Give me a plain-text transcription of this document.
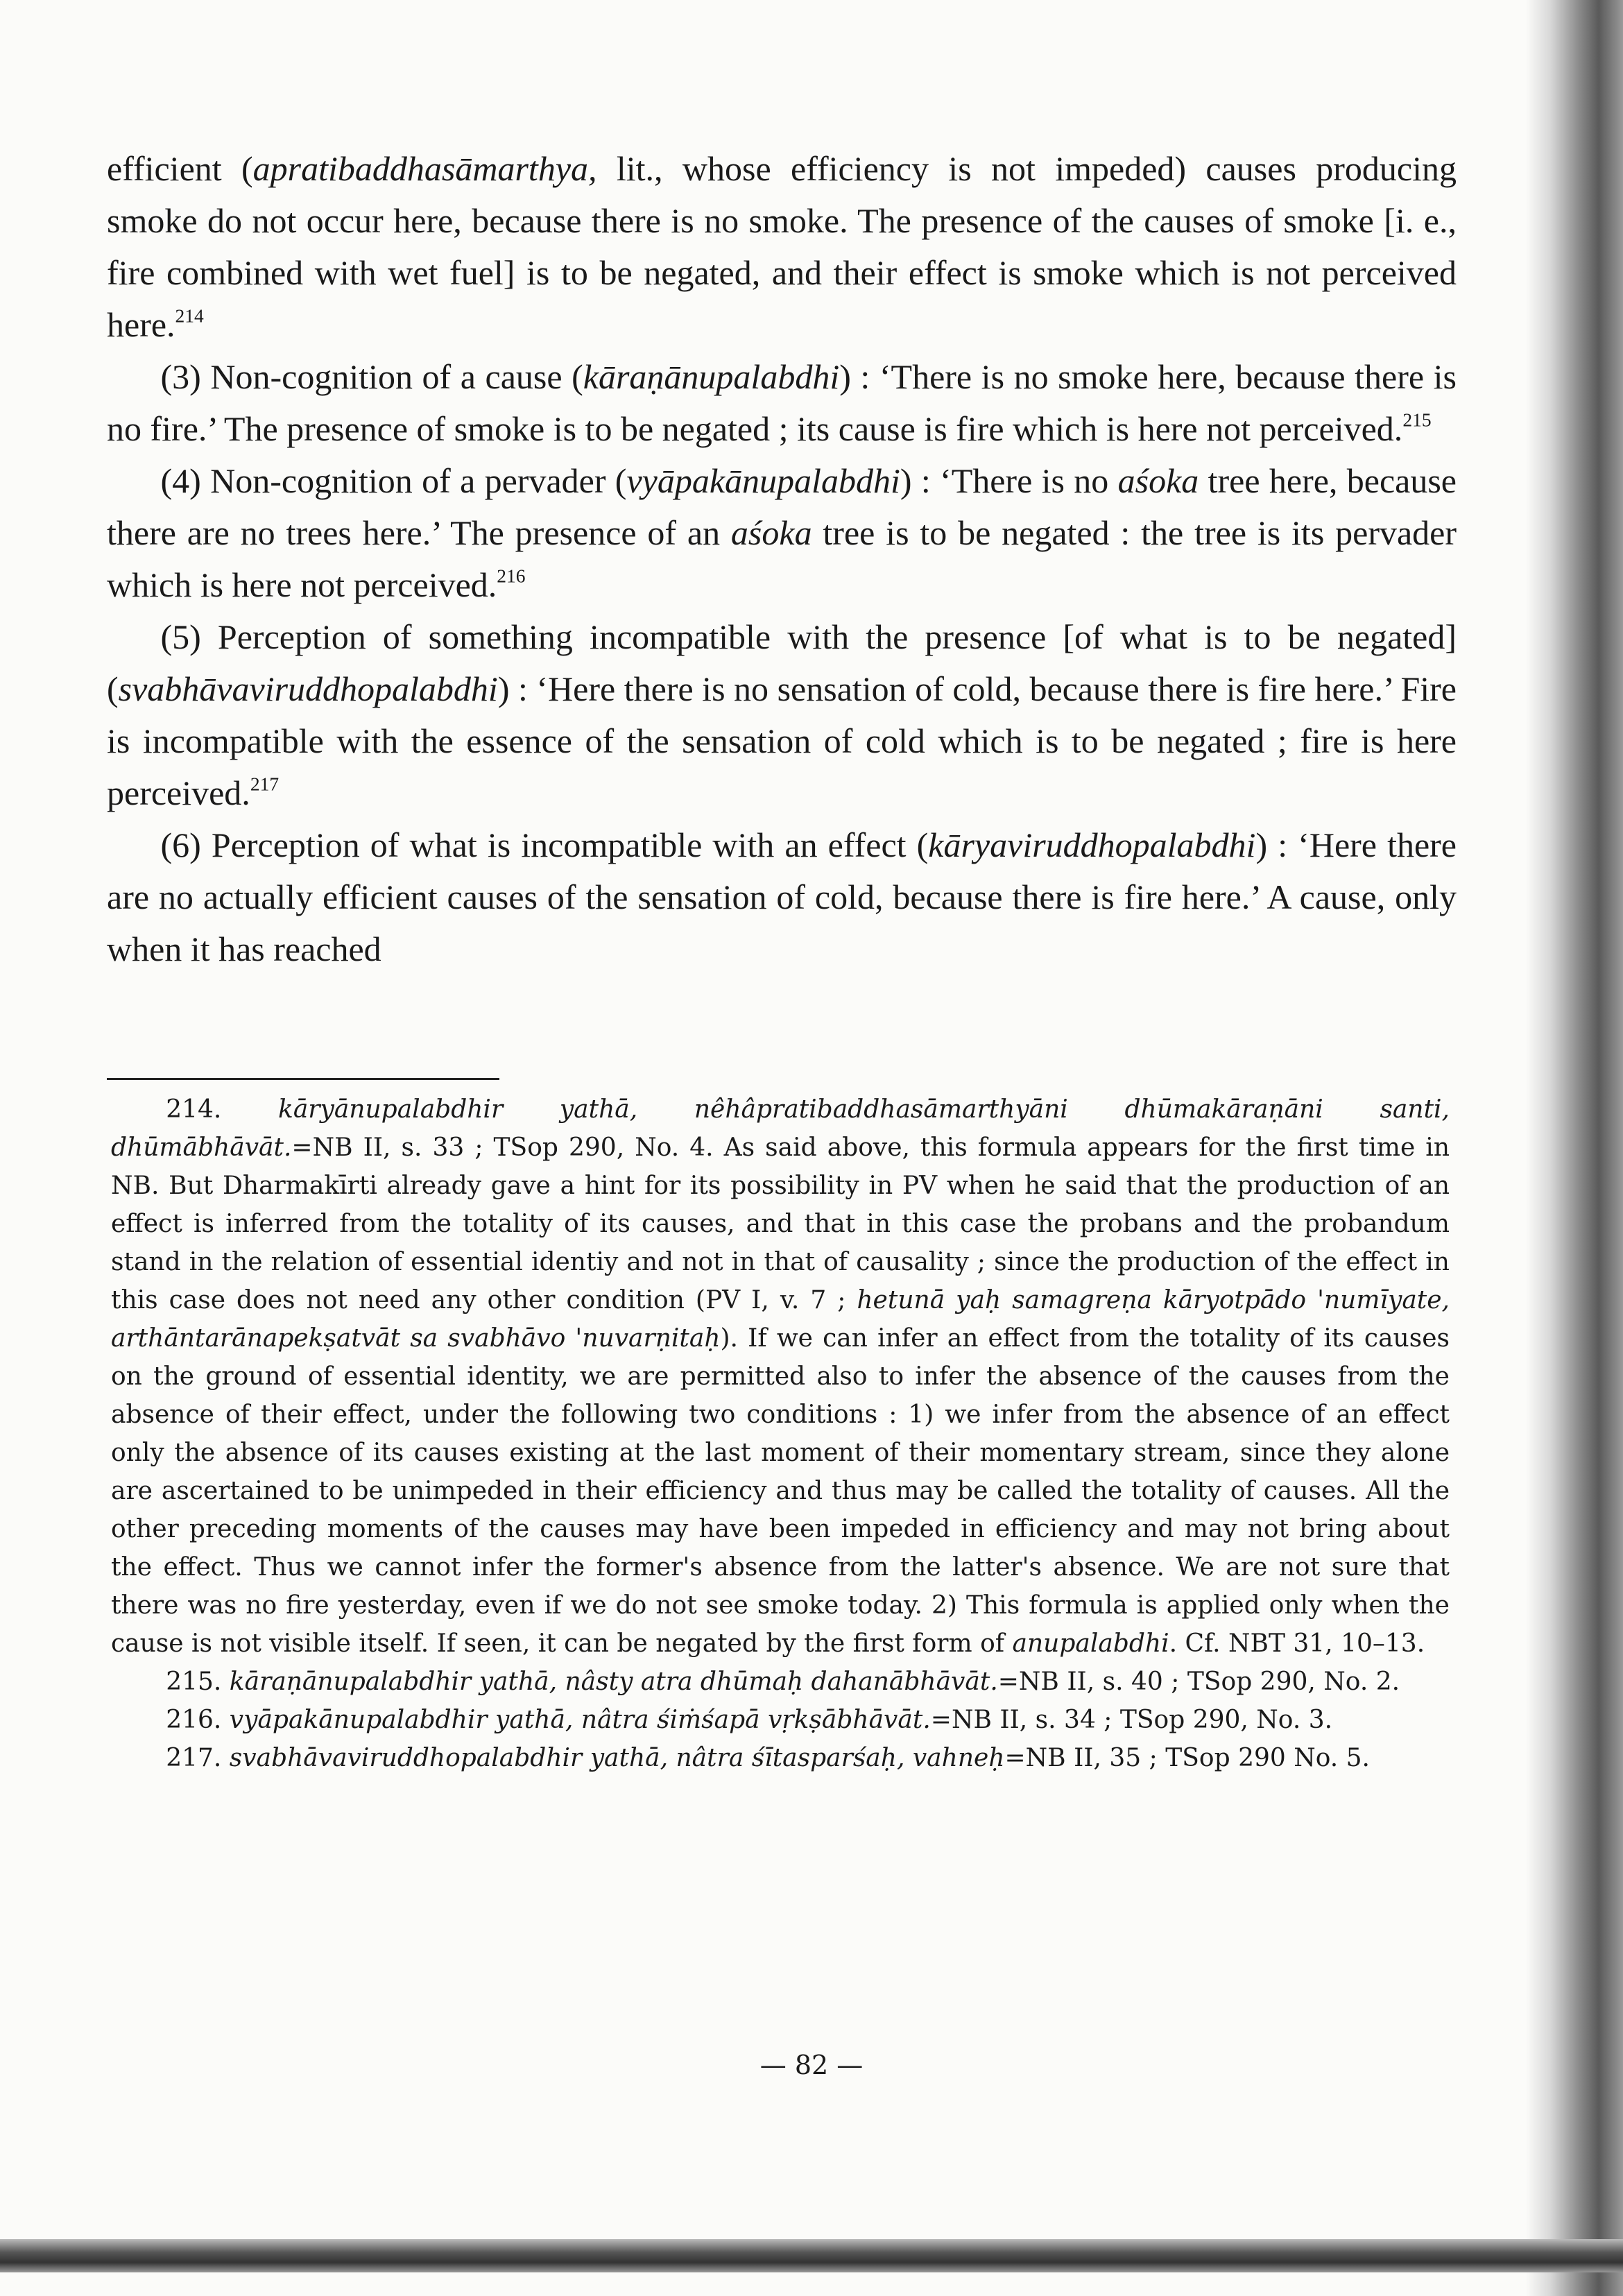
efficient (apratibaddhasāmarthya, lit., whose efficiency is not impeded) causes producing smoke do not occur here, because there is no smoke. The presence of the causes of smoke [i. e., fire combined with wet fuel] is to be negated, and their effect is smoke which is not perceived here.$^{214}$

(3) Non-cognition of a cause (kāraṇānupalabdhi) : ‘There is no smoke here, because there is no fire.’ The presence of smoke is to be negated ; its cause is fire which is here not perceived.$^{215}$

(4) Non-cognition of a pervader (vyāpakānupalabdhi) : ‘There is no aśoka tree here, because there are no trees here.’ The presence of an aśoka tree is to be negated : the tree is its pervader which is here not perceived.$^{216}$

(5) Perception of something incompatible with the presence [of what is to be negated] (svabhāvaviruddhopalabdhi) : ‘Here there is no sensation of cold, because there is fire here.’ Fire is incompatible with the essence of the sensation of cold which is to be negated ; fire is here perceived.$^{217}$

(6) Perception of what is incompatible with an effect (kāryaviruddhopalabdhi) : ‘Here there are no actually efficient causes of the sensation of cold, because there is fire here.’ A cause, only when it has reached

214. kāryānupalabdhir yathā, nêhâpratibaddhasāmarthyāni dhūmakāraṇāni santi, dhūmābhāvāt.=NB II, s. 33 ; TSop 290, No. 4. As said above, this formula appears for the first time in NB. But Dharmakīrti already gave a hint for its possibility in PV when he said that the production of an effect is inferred from the totality of its causes, and that in this case the probans and the probandum stand in the relation of essential identiy and not in that of causality ; since the production of the effect in this case does not need any other condition (PV I, v. 7 ; hetunā yaḥ samagreṇa kāryotpādo 'numīyate, arthāntarānapekṣatvāt sa svabhāvo 'nuvarṇitaḥ). If we can infer an effect from the totality of its causes on the ground of essential identity, we are permitted also to infer the absence of the causes from the absence of their effect, under the following two conditions : 1) we infer from the absence of an effect only the absence of its causes existing at the last moment of their momentary stream, since they alone are ascertained to be unimpeded in their efficiency and thus may be called the totality of causes. All the other preceding moments of the causes may have been impeded in efficiency and may not bring about the effect. Thus we cannot infer the former's absence from the latter's absence. We are not sure that there was no fire yesterday, even if we do not see smoke today. 2) This formula is applied only when the cause is not visible itself. If seen, it can be negated by the first form of anupalabdhi. Cf. NBT 31, 10–13.

215. kāraṇānupalabdhir yathā, nâsty atra dhūmaḥ dahanābhāvāt.=NB II, s. 40 ; TSop 290, No. 2.

216. vyāpakānupalabdhir yathā, nâtra śiṁśapā vṛkṣābhāvāt.=NB II, s. 34 ; TSop 290, No. 3.

217. svabhāvaviruddhopalabdhir yathā, nâtra śītasparśaḥ, vahneḥ=NB II, 35 ; TSop 290 No. 5.

— 82 —
